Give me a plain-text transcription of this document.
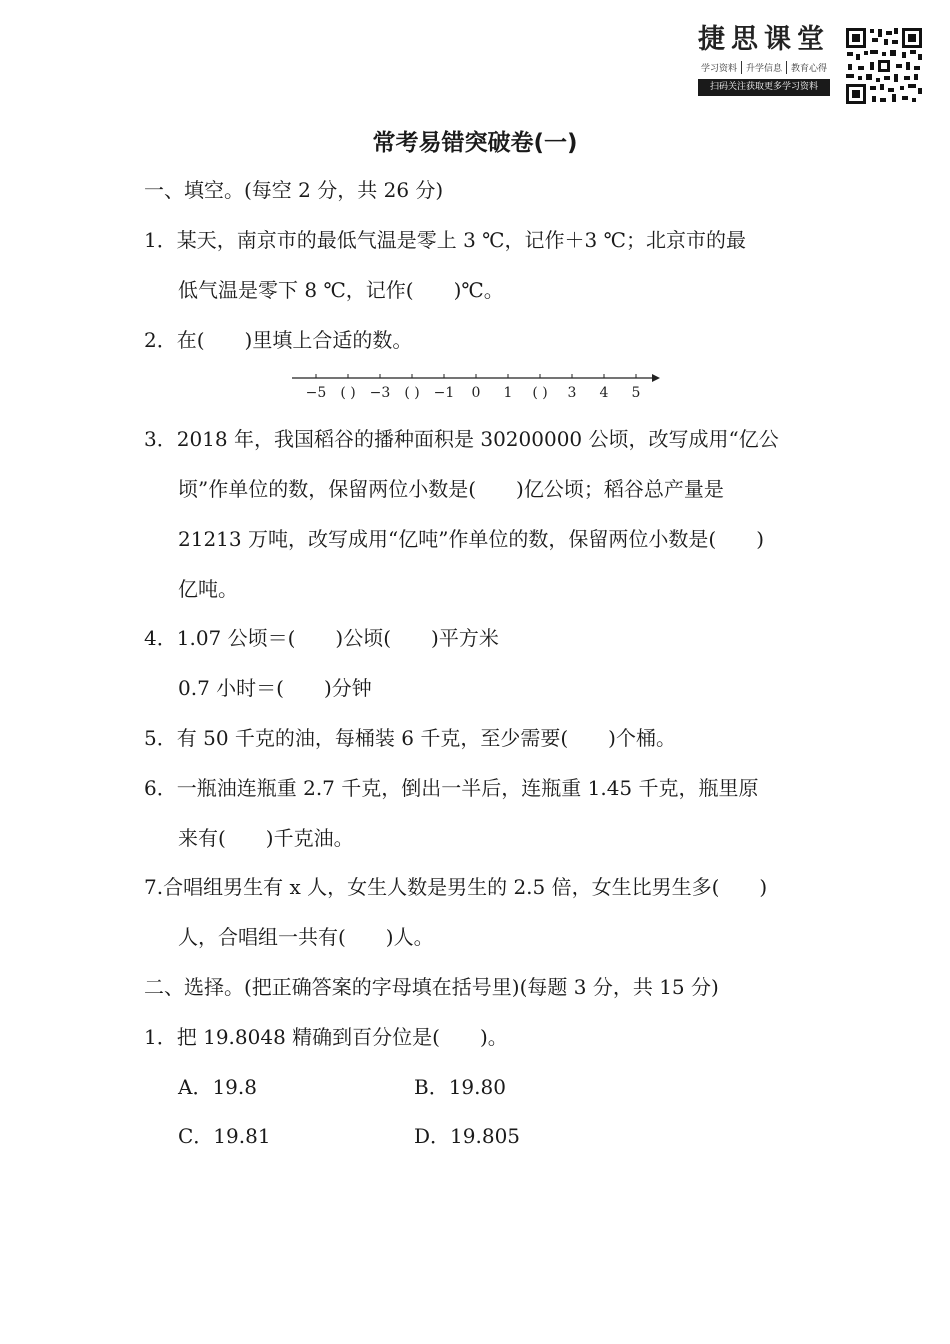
捷思课堂
学习资料	升学信息	教育心得
扫码关注获取更多学习资料
常考易错突破卷(一)
一、填空。(每空 2 分，共 26 分)
1．某天，南京市的最低气温是零上 3 ℃，记作＋3 ℃；北京市的最
低气温是零下 8 ℃，记作(　　)℃。
2．在(　　)里填上合适的数。
−5 ( ) −3 ( ) −1 0 1 ( ) 3 4 5
3．2018 年，我国稻谷的播种面积是 30200000 公顷，改写成用“亿公
顷”作单位的数，保留两位小数是(　　)亿公顷；稻谷总产量是
21213 万吨，改写成用“亿吨”作单位的数，保留两位小数是(　　)
亿吨。
4．1.07 公顷＝(　　)公顷(　　)平方米
0.7 小时＝(　　)分钟
5．有 50 千克的油，每桶装 6 千克，至少需要(　　)个桶。
6．一瓶油连瓶重 2.7 千克，倒出一半后，连瓶重 1.45 千克，瓶里原
来有(　　)千克油。
7.合唱组男生有 x 人，女生人数是男生的 2.5 倍，女生比男生多(　　)
人，合唱组一共有(　　)人。
二、选择。(把正确答案的字母填在括号里)(每题 3 分，共 15 分)
1．把 19.8048 精确到百分位是(　　)。
A．19.8	B．19.80
C．19.81	D．19.805
